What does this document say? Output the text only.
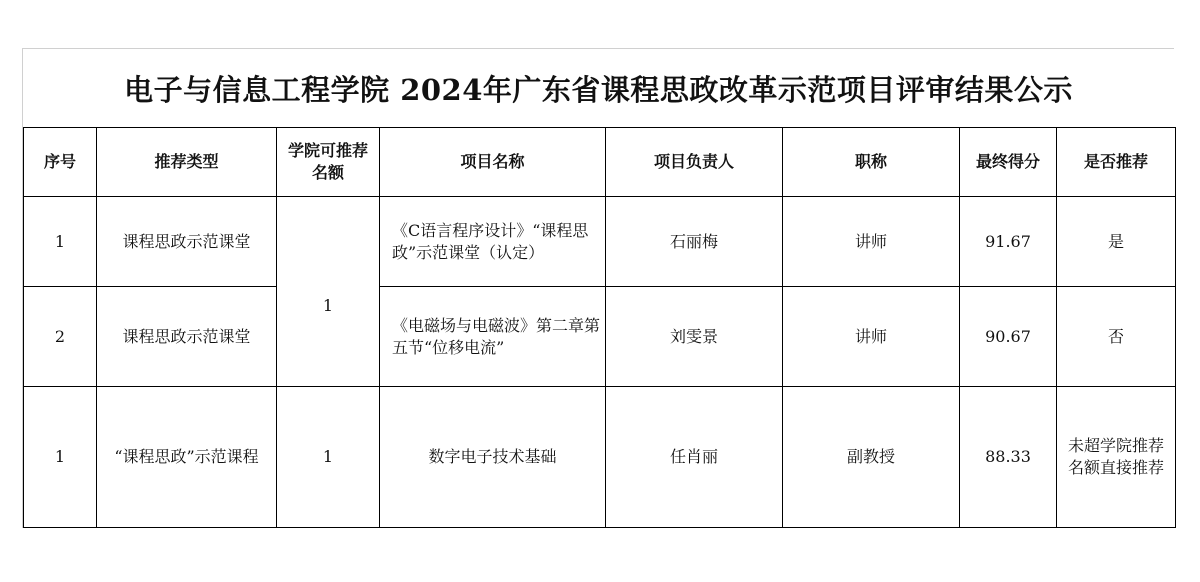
电子与信息工程学院 2024年广东省课程思政改革示范项目评审结果公示
序号	推荐类型	学院可推荐名额	项目名称	项目负责人	职称	最终得分	是否推荐
1	课程思政示范课堂	1	《C语言程序设计》“课程思政”示范课堂（认定）	石丽梅	讲师	91.67	是
2	课程思政示范课堂		《电磁场与电磁波》第二章第五节“位移电流”	刘雯景	讲师	90.67	否
1	“课程思政”示范课程	1	数字电子技术基础	任肖丽	副教授	88.33	未超学院推荐名额直接推荐
